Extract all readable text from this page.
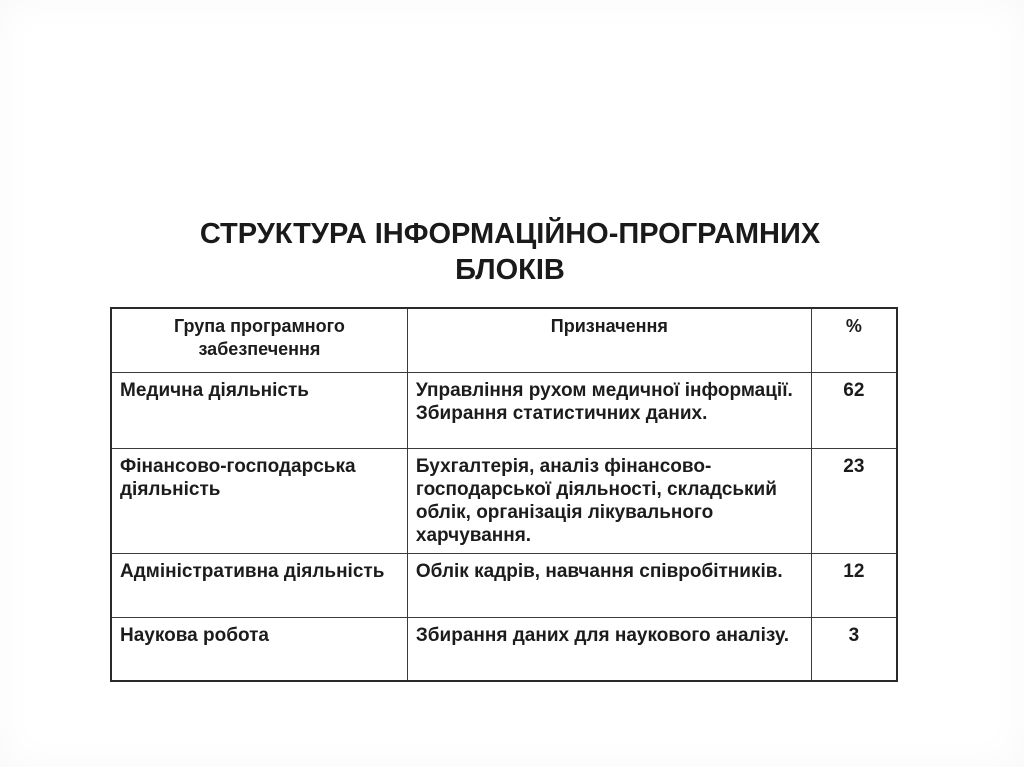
СТРУКТУРА ІНФОРМАЦІЙНО-ПРОГРАМНИХ
БЛОКІВ
Група програмного забезпечення	Призначення	%
Медична діяльність	Управління рухом медичної інформації. Збирання статистичних даних.	62
Фінансово-господарська діяльність	Бухгалтерія, аналіз фінансово-господарської діяльності, складський облік, організація лікувального харчування.	23
Адміністративна діяльність	Облік кадрів, навчання співробітників.	12
Наукова робота	Збирання даних для наукового аналізу.	3
